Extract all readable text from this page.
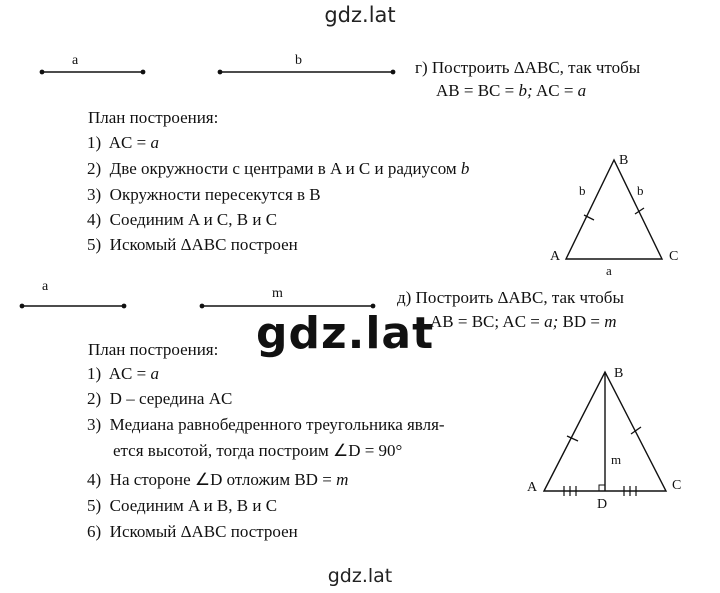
gdz.lat
gdz.lat
gdz.lat
a	b	г) Построить ΔABC, так чтобы
AB = BC = b; AC = a
План построения:
1) AC = a
2) Две окружности с центрами в A и C и радиусом b
3) Окружности пересекутся в B
4) Соединим A и C, B и C
5) Искомый ΔABC построен
B
A	C
b	b
a
a	m	д) Построить ΔABC, так чтобы
AB = BC; AC = a; BD = m
План построения:
1) AC = a
2) D – середина AC
3) Медиана равнобедренного треугольника явля-
ется высотой, тогда построим ∠D = 90°
4) На стороне ∠D отложим BD = m
5) Соединим A и B, B и C
6) Искомый ΔABC построен
B
A	C
D
m
